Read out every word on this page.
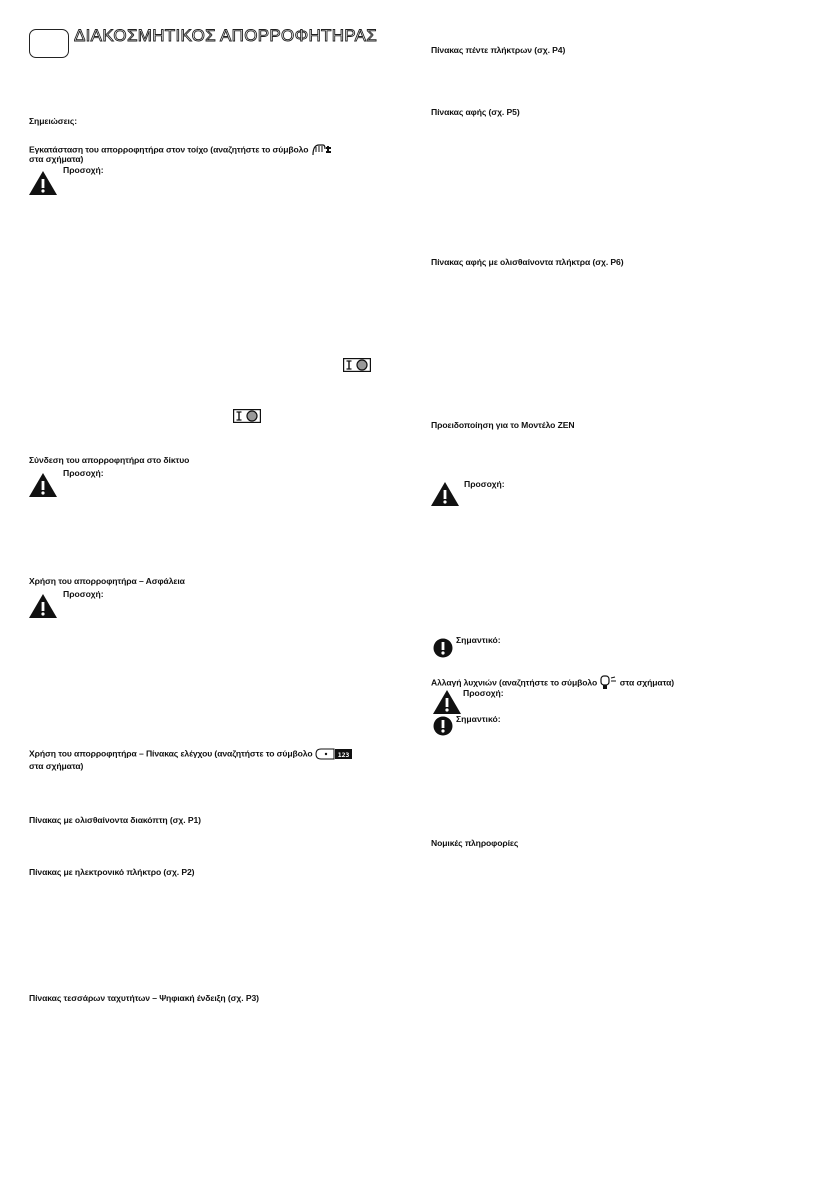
ΔΙΑΚΟΣΜΗΤΙΚΟΣ ΑΠΟΡΡΟΦΗΤΗΡΑΣ
Σημειώσεις:
Εγκατάσταση του απορροφητήρα στον τοίχο (αναζητήστε το σύμβολο
στα σχήματα)
Προσοχή:
Σύνδεση του απορροφητήρα στο δίκτυο
Προσοχή:
Χρήση του απορροφητήρα – Ασφάλεια
Προσοχή:
Χρήση του απορροφητήρα – Πίνακας ελέγχου (αναζητήστε το σύμβολο	123
στα σχήματα)
Πίνακας με ολισθαίνοντα διακόπτη (σχ. P1)
Πίνακας με ηλεκτρονικό πλήκτρο (σχ. P2)
Πίνακας τεσσάρων ταχυτήτων – Ψηφιακή ένδειξη (σχ. P3)
Πίνακας πέντε πλήκτρων (σχ. P4)
Πίνακας αφής (σχ. P5)
Πίνακας αφής με ολισθαίνοντα πλήκτρα (σχ. P6)
Προειδοποίηση για το Μοντέλο ZEN
Προσοχή:
Σημαντικό:
Αλλαγή λυχνιών (αναζητήστε το σύμβολο	στα σχήματα)
Προσοχή:
Σημαντικό:
Νομικές πληροφορίες
